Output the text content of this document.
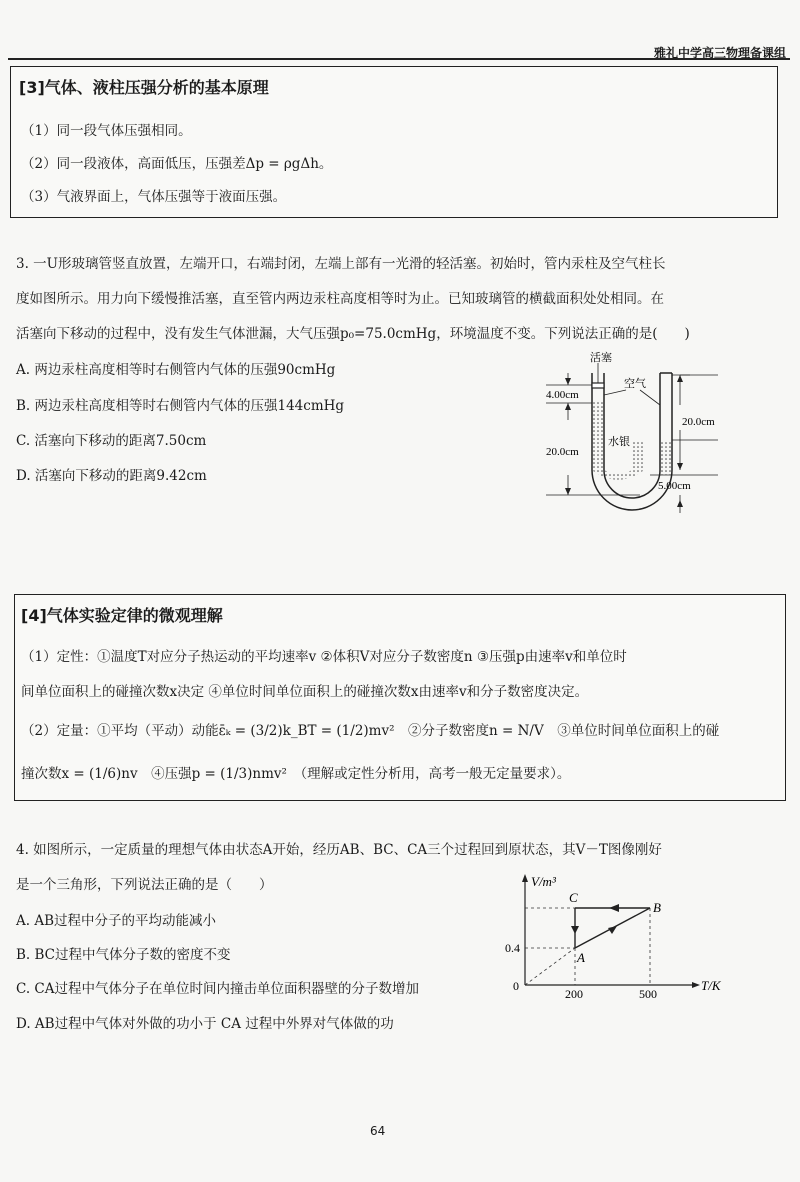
雅礼中学高三物理备课组
[3]气体、液柱压强分析的基本原理
（1）同一段气体压强相同。
（2）同一段液体，高面低压，压强差Δp = ρgΔh。
（3）气液界面上，气体压强等于液面压强。
3. 一U形玻璃管竖直放置，左端开口，右端封闭，左端上部有一光滑的轻活塞。初始时，管内汞柱及空气柱长
度如图所示。用力向下缓慢推活塞，直至管内两边汞柱高度相等时为止。已知玻璃管的横截面积处处相同。在
活塞向下移动的过程中，没有发生气体泄漏，大气压强p₀=75.0cmHg，环境温度不变。下列说法正确的是(　　)
A. 两边汞柱高度相等时右侧管内气体的压强90cmHg
B. 两边汞柱高度相等时右侧管内气体的压强144cmHg
C. 活塞向下移动的距离7.50cm
D. 活塞向下移动的距离9.42cm
4.00cm
20.0cm
20.0cm
5.00cm
活塞
空气
水银
[4]气体实验定律的微观理解
（1）定性：①温度T对应分子热运动的平均速率v ②体积V对应分子数密度n ③压强p由速率v和单位时
间单位面积上的碰撞次数x决定 ④单位时间单位面积上的碰撞次数x由速率v和分子数密度决定。
（2）定量：①平均（平动）动能ε̄ₖ = (3/2)k_BT = (1/2)mv²　②分子数密度n = N/V　③单位时间单位面积上的碰
撞次数x = (1/6)nv　④压强p = (1/3)nmv²　（理解或定性分析用，高考一般无定量要求）。
4. 如图所示，一定质量的理想气体由状态A开始，经历AB、BC、CA三个过程回到原状态，其V－T图像刚好
是一个三角形，下列说法正确的是（　　）
A. AB过程中分子的平均动能减小
B. BC过程中气体分子数的密度不变
C. CA过程中气体分子在单位时间内撞击单位面积器壁的分子数增加
D. AB过程中气体对外做的功小于 CA 过程中外界对气体做的功
V/m³
T/K
0
0.4
200	500
A
B
C
64
